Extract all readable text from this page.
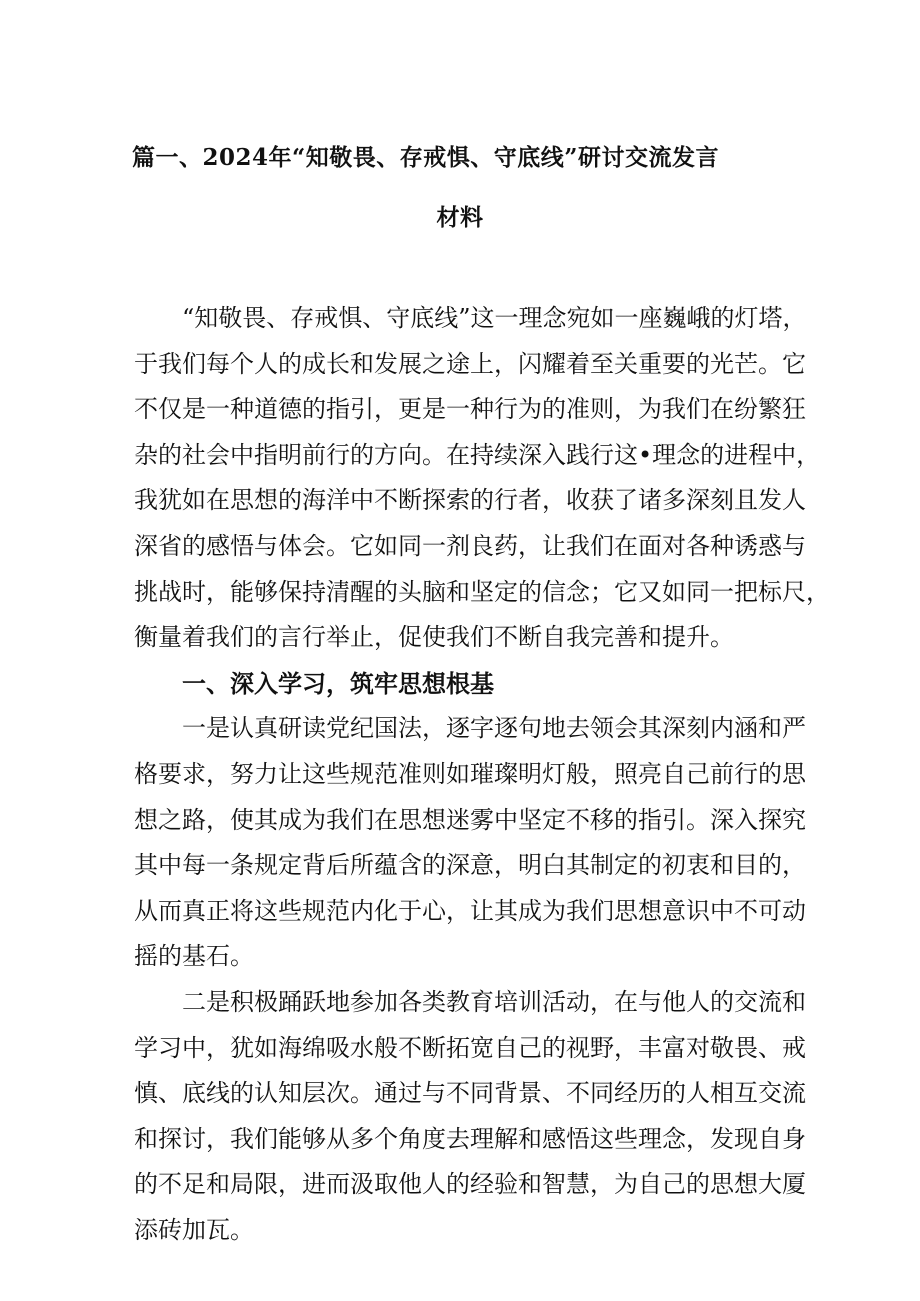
篇一、2024年“知敬畏、存戒惧、守底线”研讨交流发言
材料
“知敬畏、存戒惧、守底线”这一理念宛如一座巍峨的灯塔，
于我们每个人的成长和发展之途上，闪耀着至关重要的光芒。它
不仅是一种道德的指引，更是一种行为的准则，为我们在纷繁狂
杂的社会中指明前行的方向。在持续深入践行这•理念的进程中，
我犹如在思想的海洋中不断探索的行者，收获了诸多深刻且发人
深省的感悟与体会。它如同一剂良药，让我们在面对各种诱惑与
挑战时，能够保持清醒的头脑和坚定的信念；它又如同一把标尺，
衡量着我们的言行举止，促使我们不断自我完善和提升。
一、深入学习，筑牢思想根基
一是认真研读党纪国法，逐字逐句地去领会其深刻内涵和严
格要求，努力让这些规范准则如璀璨明灯般，照亮自己前行的思
想之路，使其成为我们在思想迷雾中坚定不移的指引。深入探究
其中每一条规定背后所蕴含的深意，明白其制定的初衷和目的，
从而真正将这些规范内化于心，让其成为我们思想意识中不可动
摇的基石。
二是积极踊跃地参加各类教育培训活动，在与他人的交流和
学习中，犹如海绵吸水般不断拓宽自己的视野，丰富对敬畏、戒
慎、底线的认知层次。通过与不同背景、不同经历的人相互交流
和探讨，我们能够从多个角度去理解和感悟这些理念，发现自身
的不足和局限，进而汲取他人的经验和智慧，为自己的思想大厦
添砖加瓦。
